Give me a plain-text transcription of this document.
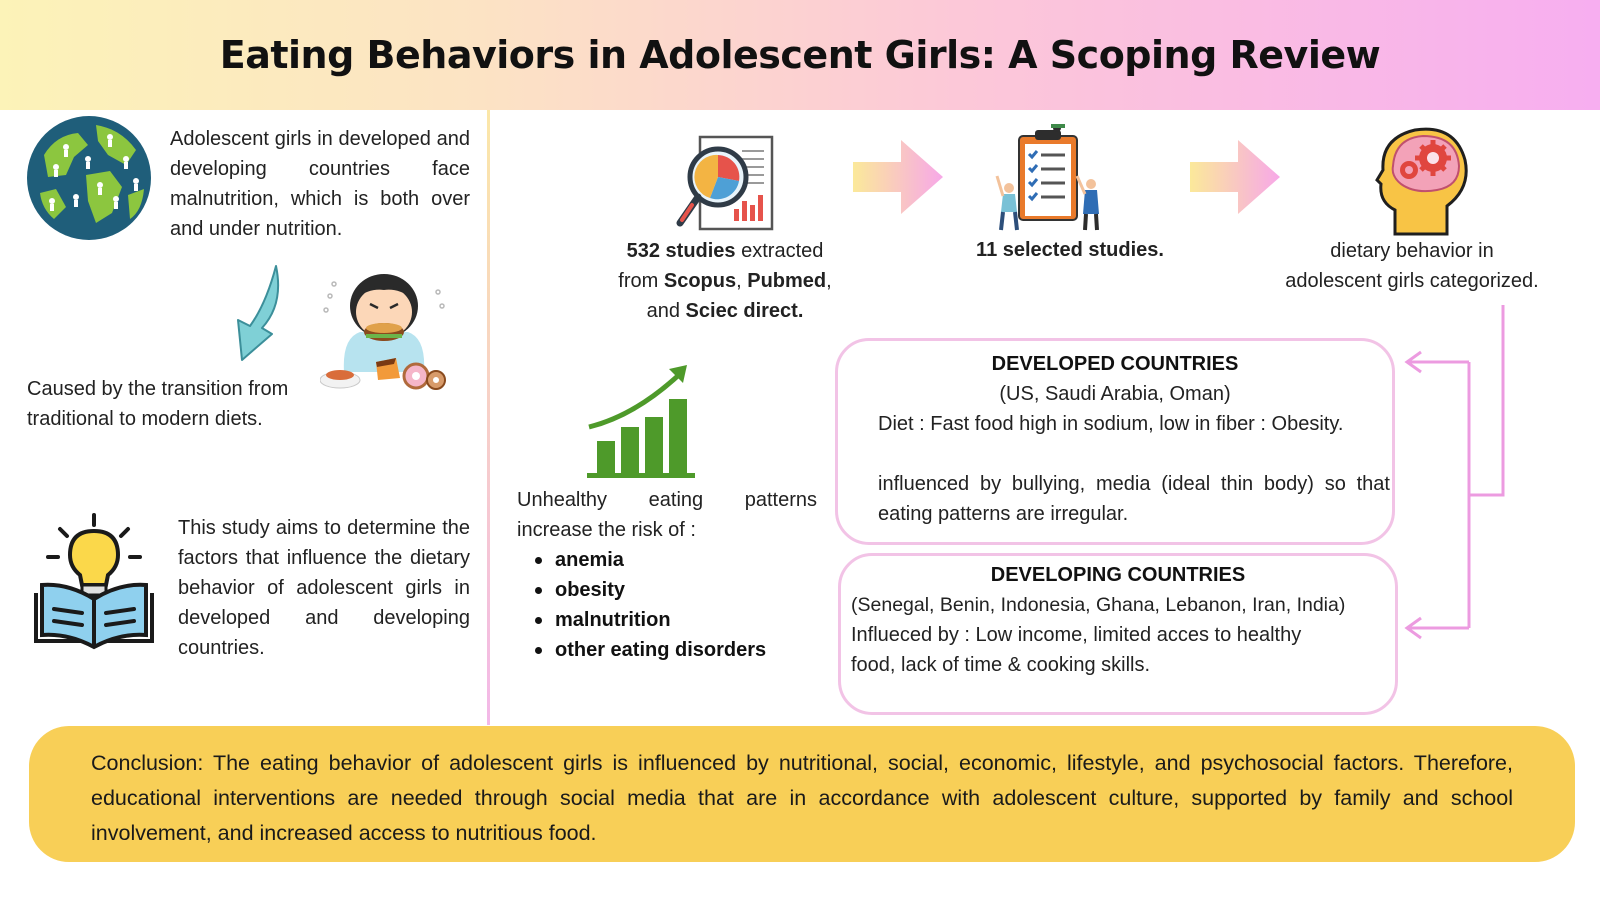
Eating Behaviors in Adolescent Girls: A Scoping Review
Adolescent girls in developed and developing countries face malnutrition, which is both over and under nutrition.
Caused by the transition from traditional to modern diets.
This study aims to determine the factors that influence the dietary behavior of adolescent girls in developed and developing countries.
532 studies extracted
from Scopus, Pubmed,
and Sciec direct.
11 selected studies.	dietary behavior in
adolescent girls categorized.
Unhealthy eating patterns
increase the risk of :
anemia
obesity
malnutrition
other eating disorders
DEVELOPED COUNTRIES
(US, Saudi Arabia, Oman)
Diet : Fast food high in sodium, low in fiber : Obesity.
influenced by bullying, media (ideal thin body) so that eating patterns are irregular.
DEVELOPING COUNTRIES
(Senegal, Benin, Indonesia, Ghana, Lebanon, Iran, India)
Influeced by : Low income, limited acces to healthy food, lack of time & cooking skills.

Conclusion: The eating behavior of adolescent girls is influenced by nutritional, social, economic, lifestyle, and psychosocial factors. Therefore, educational interventions are needed through social media that are in accordance with adolescent culture, supported by family and school involvement, and increased access to nutritious food.
